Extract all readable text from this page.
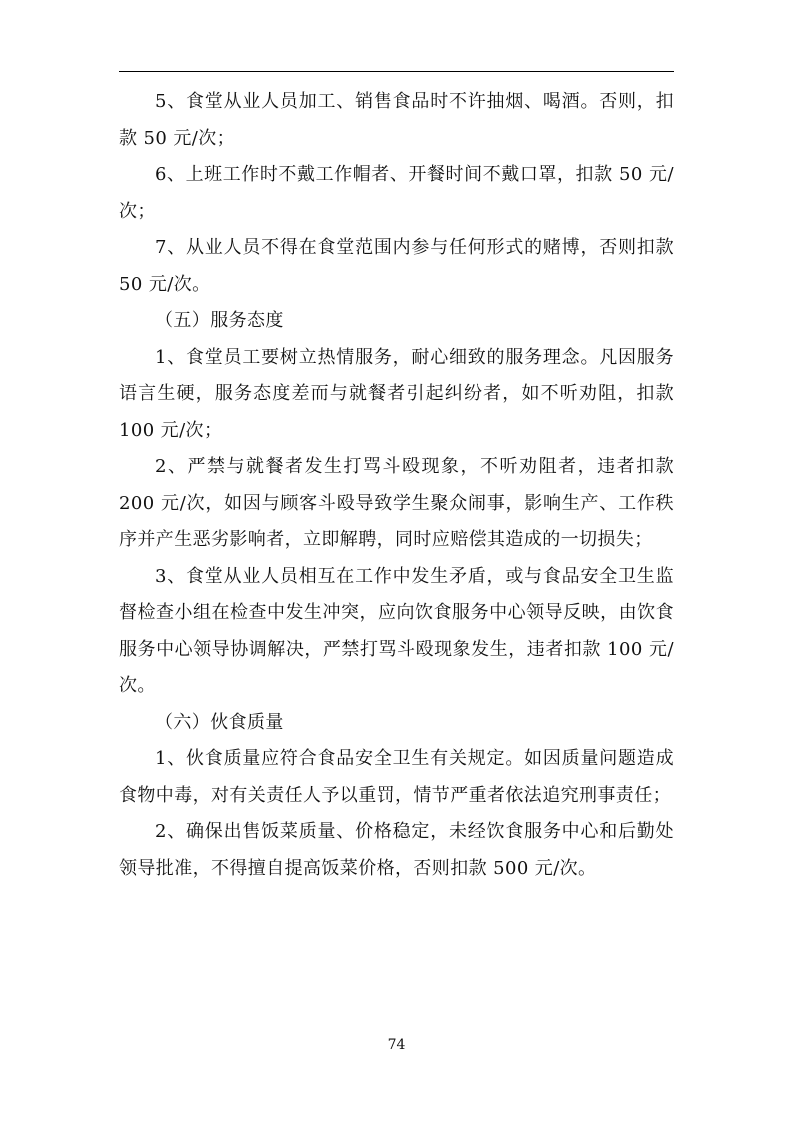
5、食堂从业人员加工、销售食品时不许抽烟、喝酒。否则，扣款 50 元/次；

6、上班工作时不戴工作帽者、开餐时间不戴口罩，扣款 50 元/次；

7、从业人员不得在食堂范围内参与任何形式的赌博，否则扣款 50 元/次。

（五）服务态度

1、食堂员工要树立热情服务，耐心细致的服务理念。凡因服务语言生硬，服务态度差而与就餐者引起纠纷者，如不听劝阻，扣款 100 元/次；

2、严禁与就餐者发生打骂斗殴现象，不听劝阻者，违者扣款 200 元/次，如因与顾客斗殴导致学生聚众闹事，影响生产、工作秩序并产生恶劣影响者，立即解聘，同时应赔偿其造成的一切损失；

3、食堂从业人员相互在工作中发生矛盾，或与食品安全卫生监督检查小组在检查中发生冲突，应向饮食服务中心领导反映，由饮食服务中心领导协调解决，严禁打骂斗殴现象发生，违者扣款 100 元/次。

（六）伙食质量

1、伙食质量应符合食品安全卫生有关规定。如因质量问题造成食物中毒，对有关责任人予以重罚，情节严重者依法追究刑事责任；

2、确保出售饭菜质量、价格稳定，未经饮食服务中心和后勤处领导批准，不得擅自提高饭菜价格，否则扣款 500 元/次。

74
